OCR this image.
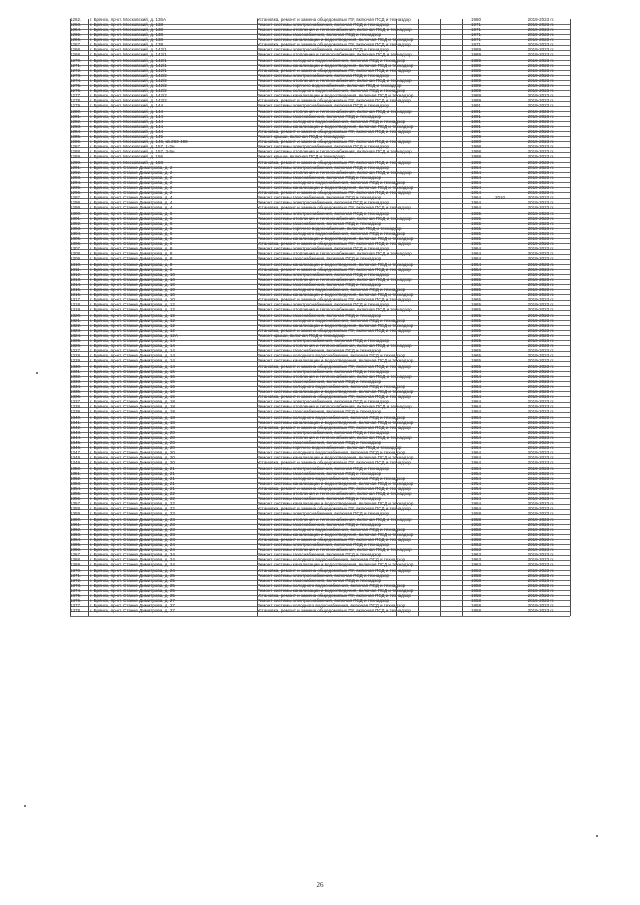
1262.	г. Брянск, пр-кт. Московский, д. 136А	Установка, ремонт и замена общедомовых ПУ, включая ПСД и техназдор	1980	2019-2023 гг.
1263.	г. Брянск, пр-кт. Московский, д. 138	Ремонт системы электроснабжения, включая ПСД и технадзор	1971	2019-2023 гг.
1264.	г. Брянск, пр-кт. Московский, д. 138	Ремонт системы отопления и теплоснабжения, включая ПСД и технадзор	1971	2019-2023 гг.
1265.	г. Брянск, пр-кт. Московский, д. 138	Ремонт системы газоснабжения, включая ПСД и технадзор	1971	2019-2023 гг.
1266.	г. Брянск, пр-кт. Московский, д. 138	Ремонт системы канализации и водоотведения, включая ПСД и технадзор	1971	2019-2023 гг.
1267.	г. Брянск, пр-кт. Московский, д. 138	Установка, ремонт и замена общедомовых ПУ, включая ПСД и технадзор	1971	2019-2023 гг.
1268.	г. Брянск, пр-кт. Московский, д. 142/1	Ремонт системы электроснабжения, включая ПСД и технадзор	1989	2019-2023 гг.
1269.	г. Брянск, пр-кт. Московский, д. 142/1	Ремонт системы отопления и теплоснабжения, включая ПСД и технадзор	1989	2019-2023 гг.
1270.	г. Брянск, пр-кт. Московский, д. 142/1	Ремонт системы холодного водоснабжения, включая ПСД и технадзор	1989	2019-2023 гг.
1271.	г. Брянск, пр-кт. Московский, д. 142/1	Ремонт системы канализации и водоотведения, включая ПСД и технадзор	1989	2019-2023 гг.
1272.	г. Брянск, пр-кт. Московский, д. 142/1	Установка, ремонт и замена общедомовых ПУ, включая ПСД и технадзор	1989	2019-2023 гг.
1273.	г. Брянск, пр-кт. Московский, д. 142/2	Ремонт системы электроснабжения, включая ПСД и технадзор	1989	2019-2023 гг.
1274.	г. Брянск, пр-кт. Московский, д. 142/2	Ремонт системы отопления и теплоснабжения, включая ПСД и технадзор	1989	2019-2023 гг.
1275.	г. Брянск, пр-кт. Московский, д. 142/2	Ремонт системы горячего водоснабжения, включая ПСД и технадзор	1989	2019-2023 гг.
1276.	г. Брянск, пр-кт. Московский, д. 142/2	Ремонт системы холодного водоснабжения, включая ПСД и технадзор	1989	2019-2023 гг.
1277.	г. Брянск, пр-кт. Московский, д. 142/2	Ремонт системы канализации и водоотведения, включая ПСД и технадзор	1989	2019-2023 гг.
1278.	г. Брянск, пр-кт. Московский, д. 142/2	Установка, ремонт и замена общедомовых ПУ, включая ПСД и технадзор	1989	2019-2023 гг.
1279.	г. Брянск, пр-кт. Московский, д. 144	Ремонт системы электроснабжения, включая ПСД и технадзор	1991	2019-2023 гг.
1280.	г. Брянск, пр-кт. Московский, д. 144	Ремонт системы отопления и теплоснабжения, включая ПСД и технадзор	1991	2019-2023 гг.
1281.	г. Брянск, пр-кт. Московский, д. 144	Ремонт системы газоснабжения, включая ПСД и технадзор	1991	2019-2023 гг.
1282.	г. Брянск, пр-кт. Московский, д. 144	Ремонт системы холодного водоснабжения, включая ПСД и технадзор	1991	2019-2023 гг.
1283.	г. Брянск, пр-кт. Московский, д. 144	Ремонт системы канализации и водоотведения, включая ПСД и технадзор	1991	2019-2023 гг.
1284.	г. Брянск, пр-кт. Московский, д. 144	Установка, ремонт и замена общедомовых ПУ, включая ПСД и технадзор	1991	2019-2023 гг.
1285.	г. Брянск, пр-кт. Московский, д. 145	Ремонт крыши, включая ПСД и технадзор	1909	2019-2023 гг.
1286.	г. Брянск, пр-кт. Московский, д. 146, кв.263-499	Установка, ремонт и замена общедомовых ПУ, включая ПСД и технадзор	1990	2019-2023 гг.
1287.	г. Брянск, пр-кт. Московский, д. 157, 1-2н	Ремонт системы электроснабжения, включая ПСД и технадзор	1998	2019-2023 гг.
1288.	г. Брянск, пр-кт. Московский, д. 157, 3-5н	Ремонт системы отопления и теплоснабжения, включая ПСД и технадзор	1998	2019-2023 гг.
1289.	г. Брянск, пр-кт. Московский, д. 156	Ремонт крыши, включая ПСД и технадзор	1998	2019-2023 гг.
1290.	г. Брянск, пр-кт. Московский, д. 158	Установка, ремонт и замена общедомовых ПУ, включая ПСД и технадзор	1998	2019-2023 гг.
1291.	г. Брянск, пр-кт. Станке Димитрова, д. 2	Ремонт системы электроснабжения, включая ПСД и технадзор	1964	2019-2023 гг.
1292.	г. Брянск, пр-кт. Станке Димитрова, д. 2	Ремонт системы отопления и теплоснабжения, включая ПСД и технадзор	1964	2019-2023 гг.
1293.	г. Брянск, пр-кт. Станке Димитрова, д. 2	Ремонт системы газоснабжения, включая ПСД и технадзор	1964	2019-2023 гг.
1294.	г. Брянск, пр-кт. Станке Димитрова, д. 2	Ремонт системы холодного водоснабжения, включая ПСД и технадзор	1964	2019-2023 гг.
1295.	г. Брянск, пр-кт. Станке Димитрова, д. 2	Ремонт системы канализации и водоотведения, включая ПСД и технадзор	1964	2019-2023 гг.
1296.	г. Брянск, пр-кт. Станке Димитрова, д. 2	Установка, ремонт и замена общедомовых ПУ, включая ПСД и технадзор	1964	2019-2023 гг.
1297.	г. Брянск, пр-кт. Станке Димитрова, д. 4	Ремонт системы газоснабжения, включая ПСД и технадзор	1964	2010	2019-2023 гг.
1298.	г. Брянск, пр-кт. Станке Димитрова, д. 4	Ремонт системы электроснабжения, включая ПСД и технадзор	1964	2019-2023 гг.
1299.	г. Брянск, пр-кт. Станке Димитрова, д. 4	Установка, ремонт и замена общедомовых ПУ, включая ПСД и технадзор	1964	2019-2023 гг.
1300.	г. Брянск, пр-кт. Станке Димитрова, д. 6	Ремонт системы электроснабжения, включая ПСД и технадзор	1965	2019-2023 гг.
1301.	г. Брянск, пр-кт. Станке Димитрова, д. 6	Ремонт системы отопления и теплоснабжения, включая ПСД и технадзор	1965	2019-2023 гг.
1302.	г. Брянск, пр-кт. Станке Димитрова, д. 6	Ремонт системы газоснабжения, включая ПСД и технадзор	1965	2019-2023 гг.
1303.	г. Брянск, пр-кт. Станке Димитрова, д. 6	Ремонт системы горячего водоснабжения, включая ПСД и технадзор	1965	2019-2023 гг.
1304.	г. Брянск, пр-кт. Станке Димитрова, д. 6	Ремонт системы холодного водоснабжения, включая ПСД и технадзор	1965	2019-2023 гг.
1305.	г. Брянск, пр-кт. Станке Димитрова, д. 6	Ремонт системы канализации и водоотведения, включая ПСД и технадзор	1965	2019-2023 гг.
1306.	г. Брянск, пр-кт. Станке Димитрова, д. 6	Установка, ремонт и замена общедомовых ПУ, включая ПСД и технадзор	1965	2019-2023 гг.
1307.	г. Брянск, пр-кт. Станке Димитрова, д. 8	Ремонт системы электроснабжения, включая ПСД и технадзор	1964	2019-2023 гг.
1308.	г. Брянск, пр-кт. Станке Димитрова, д. 8	Ремонт системы отопления и теплоснабжения, включая ПСД и технадзор	1964	2019-2023 гг.
1309.	г. Брянск, пр-кт. Станке Димитрова, д. 8	Ремонт системы газоснабжения, включая ПСД и технадзор	1964	2019-2023 гг.
1310.	г. Брянск, пр-кт. Станке Димитрова, д. 8	Ремонт системы канализации и водоотведения, включая ПСД и технадзор	1964	2019-2023 гг.
1311.	г. Брянск, пр-кт. Станке Димитрова, д. 8	Установка, ремонт и замена общедомовых ПУ, включая ПСД и технадзор	1964	2019-2023 гг.
1312.	г. Брянск, пр-кт. Станке Димитрова, д. 10	Ремонт системы электроснабжения, включая ПСД и технадзор	1965	2019-2023 гг.
1313.	г. Брянск, пр-кт. Станке Димитрова, д. 10	Ремонт системы отопления и теплоснабжения, включая ПСД и технадзор	1965	2019-2023 гг.
1314.	г. Брянск, пр-кт. Станке Димитрова, д. 10	Ремонт системы газоснабжения, включая ПСД и технадзор	1965	2019-2023 гг.
1315.	г. Брянск, пр-кт. Станке Димитрова, д. 10	Ремонт системы холодного водоснабжения, включая ПСД и технадзор	1965	2019-2023 гг.
1316.	г. Брянск, пр-кт. Станке Димитрова, д. 10	Ремонт системы канализации и водоотведения, включая ПСД и технадзор	1965	2019-2023 гг.
1317.	г. Брянск, пр-кт. Станке Димитрова, д. 10	Установка, ремонт и замена общедомовых ПУ, включая ПСД и технадзор	1965	2019-2023 гг.
1318.	г. Брянск, пр-кт. Станке Димитрова, д. 12	Ремонт системы электроснабжения, включая ПСД и технадзор	1965	2019-2023 гг.
1319.	г. Брянск, пр-кт. Станке Димитрова, д. 12	Ремонт системы отопления и теплоснабжения, включая ПСД и технадзор	1965	2019-2023 гг.
1320.	г. Брянск, пр-кт. Станке Димитрова, д. 12	Ремонт системы газоснабжения, включая ПСД и технадзор	1965	2019-2023 гг.
1321.	г. Брянск, пр-кт. Станке Димитрова, д. 12	Ремонт системы холодного водоснабжения, включая ПСД и технадзор	1965	2019-2023 гг.
1322.	г. Брянск, пр-кт. Станке Димитрова, д. 12	Ремонт системы канализации и водоотведения, включая ПСД и технадзор	1965	2019-2023 гг.
1323.	г. Брянск, пр-кт. Станке Димитрова, д. 12	Установка, ремонт и замена общедомовых ПУ, включая ПСД и технадзор	1965	2019-2023 гг.
1324.	г. Брянск, пр-кт. Станке Димитрова, д. 12А	Ремонт крыши, включая ПСД и технадзор	1997	2019-2023 гг.
1325.	г. Брянск, пр-кт. Станке Димитрова, д. 14	Ремонт системы электроснабжения, включая ПСД и технадзор	1965	2019-2023 гг.
1326.	г. Брянск, пр-кт. Станке Димитрова, д. 14	Ремонт системы отопления и теплоснабжения, включая ПСД и технадзор	1965	2019-2023 гг.
1327.	г. Брянск, пр-кт. Станке Димитрова, д. 14	Ремонт системы газоснабжения, включая ПСД и технадзор	1965	2019-2023 гг.
1328.	г. Брянск, пр-кт. Станке Димитрова, д. 14	Ремонт системы холодного водоснабжения, включая ПСД и технадзор	1965	2019-2023 гг.
1329.	г. Брянск, пр-кт. Станке Димитрова, д. 14	Ремонт системы канализации и водоотведения, включая ПСД и технадзор	1965	2019-2023 гг.
1330.	г. Брянск, пр-кт. Станке Димитрова, д. 14	Установка, ремонт и замена общедомовых ПУ, включая ПСД и технадзор	1965	2019-2023 гг.
1331.	г. Брянск, пр-кт. Станке Димитрова, д. 16	Ремонт системы электроснабжения, включая ПСД и технадзор	1964	2019-2023 гг.
1332.	г. Брянск, пр-кт. Станке Димитрова, д. 16	Ремонт системы отопления и теплоснабжения, включая ПСД и технадзор	1964	2019-2023 гг.
1333.	г. Брянск, пр-кт. Станке Димитрова, д. 16	Ремонт системы газоснабжения, включая ПСД и технадзор	1964	2019-2023 гг.
1334.	г. Брянск, пр-кт. Станке Димитрова, д. 16	Ремонт системы холодного водоснабжения, включая ПСД и технадзор	1964	2019-2023 гг.
1335.	г. Брянск, пр-кт. Станке Димитрова, д. 16	Ремонт системы канализации и водоотведения, включая ПСД и технадзор	1964	2019-2023 гг.
1336.	г. Брянск, пр-кт. Станке Димитрова, д. 16	Установка, ремонт и замена общедомовых ПУ, включая ПСД и технадзор	1964	2019-2023 гг.
1337.	г. Брянск, пр-кт. Станке Димитрова, д. 18	Ремонт системы электроснабжения, включая ПСД и технадзор	1964	2019-2023 гг.
1338.	г. Брянск, пр-кт. Станке Димитрова, д. 18	Ремонт системы отопления и теплоснабжения, включая ПСД и технадзор	1964	2019-2023 гг.
1339.	г. Брянск, пр-кт. Станке Димитрова, д. 18	Ремонт системы газоснабжения, включая ПСД и технадзор	1964	2019-2023 гг.
1340.	г. Брянск, пр-кт. Станке Димитрова, д. 18	Ремонт системы холодного водоснабжения, включая ПСД и технадзор	1964	2019-2023 гг.
1341.	г. Брянск, пр-кт. Станке Димитрова, д. 18	Ремонт системы канализации и водоотведения, включая ПСД и технадзор	1964	2019-2023 гг.
1342.	г. Брянск, пр-кт. Станке Димитрова, д. 18	Установка, ремонт и замена общедомовых ПУ, включая ПСД и технадзор	1964	2019-2023 гг.
1343.	г. Брянск, пр-кт. Станке Димитрова, д. 20	Ремонт системы электроснабжения, включая ПСД и технадзор	1964	2019-2023 гг.
1344.	г. Брянск, пр-кт. Станке Димитрова, д. 20	Ремонт системы отопления и теплоснабжения, включая ПСД и технадзор	1964	2019-2023 гг.
1345.	г. Брянск, пр-кт. Станке Димитрова, д. 20	Ремонт системы газоснабжения, включая ПСД и технадзор	1964	2019-2023 гг.
1346.	г. Брянск, пр-кт. Станке Димитрова, д. 20	Ремонт системы горячего водоснабжения, включая ПСД и технадзор	1964	2019-2023 гг.
1347.	г. Брянск, пр-кт. Станке Димитрова, д. 20	Ремонт системы холодного водоснабжения, включая ПСД и технадзор	1964	2019-2023 гг.
1348.	г. Брянск, пр-кт. Станке Димитрова, д. 20	Ремонт системы канализации и водоотведения, включая ПСД и технадзор	1964	2019-2023 гг.
1349.	г. Брянск, пр-кт. Станке Димитрова, д. 20	Установка, ремонт и замена общедомовых ПУ, включая ПСД и технадзор	1964	2019-2023 гг.
1350.	г. Брянск, пр-кт. Станке Димитрова, д. 21	Ремонт системы электроснабжения, включая ПСД и технадзор	1954	2019-2023 гг.
1351.	г. Брянск, пр-кт. Станке Димитрова, д. 21	Ремонт системы газоснабжения, включая ПСД и технадзор	1954	2019-2023 гг.
1352.	г. Брянск, пр-кт. Станке Димитрова, д. 21	Ремонт системы холодного водоснабжения, включая ПСД и технадзор	1954	2019-2023 гг.
1353.	г. Брянск, пр-кт. Станке Димитрова, д. 21	Ремонт системы канализации и водоотведения, включая ПСД и технадзор	1954	2019-2023 гг.
1354.	г. Брянск, пр-кт. Станке Димитрова, д. 21	Установка, ремонт и замена общедомовых ПУ, включая ПСД и технадзор	1954	2019-2023 гг.
1355.	г. Брянск, пр-кт. Станке Димитрова, д. 22	Ремонт системы отопления и теплоснабжения, включая ПСД и технадзор	1964	2019-2023 гг.
1356.	г. Брянск, пр-кт. Станке Димитрова, д. 22	Ремонт системы газоснабжения, включая ПСД и технадзор	1964	2019-2023 гг.
1357.	г. Брянск, пр-кт. Станке Димитрова, д. 22	Ремонт системы канализации и водоотведения, включая ПСД и технадзор	1964	2019-2023 гг.
1358.	г. Брянск, пр-кт. Станке Димитрова, д. 22	Установка, ремонт и замена общедомовых ПУ, включая ПСД и технадзор	1964	2019-2023 гг.
1359.	г. Брянск, пр-кт. Станке Димитрова, д. 23	Ремонт системы электроснабжения, включая ПСД и технадзор	1958	2019-2023 гг.
1360.	г. Брянск, пр-кт. Станке Димитрова, д. 23	Ремонт системы отопления и теплоснабжения, включая ПСД и технадзор	1958	2019-2023 гг.
1361.	г. Брянск, пр-кт. Станке Димитрова, д. 23	Ремонт системы газоснабжения, включая ПСД и технадзор	1958	2019-2023 гг.
1362.	г. Брянск, пр-кт. Станке Димитрова, д. 23	Ремонт системы холодного водоснабжения, включая ПСД и технадзор	1958	2019-2023 гг.
1363.	г. Брянск, пр-кт. Станке Димитрова, д. 23	Ремонт системы канализации и водоотведения, включая ПСД и технадзор	1958	2019-2023 гг.
1364.	г. Брянск, пр-кт. Станке Димитрова, д. 23	Установка, ремонт и замена общедомовых ПУ, включая ПСД и технадзор	1958	2019-2023 гг.
1365.	г. Брянск, пр-кт. Станке Димитрова, д. 24	Ремонт системы электроснабжения, включая ПСД и технадзор	1963	2019-2023 гг.
1366.	г. Брянск, пр-кт. Станке Димитрова, д. 24	Ремонт системы отопления и теплоснабжения, включая ПСД и технадзор	1963	2019-2023 гг.
1367.	г. Брянск, пр-кт. Станке Димитрова, д. 24	Ремонт системы газоснабжения, включая ПСД и технадзор	1963	2019-2023 гг.
1368.	г. Брянск, пр-кт. Станке Димитрова, д. 24	Ремонт системы холодного водоснабжения, включая ПСД и технадзор	1963	2019-2023 гг.
1369.	г. Брянск, пр-кт. Станке Димитрова, д. 24	Ремонт системы канализации и водоотведения, включая ПСД и технадзор	1963	2019-2023 гг.
1370.	г. Брянск, пр-кт. Станке Димитрова, д. 24	Установка, ремонт и замена общедомовых ПУ, включая ПСД и технадзор	1963	2019-2023 гг.
1371.	г. Брянск, пр-кт. Станке Димитрова, д. 25	Ремонт системы электроснабжения, включая ПСД и технадзор	1958	2019-2023 гг.
1372.	г. Брянск, пр-кт. Станке Димитрова, д. 25	Ремонт системы газоснабжения, включая ПСД и технадзор	1958	2019-2023 гг.
1373.	г. Брянск, пр-кт. Станке Димитрова, д. 25	Ремонт системы холодного водоснабжения, включая ПСД и технадзор	1958	2019-2023 гг.
1374.	г. Брянск, пр-кт. Станке Димитрова, д. 25	Ремонт системы канализации и водоотведения, включая ПСД и технадзор	1958	2019-2023 гг.
1375.	г. Брянск, пр-кт. Станке Димитрова, д. 25	Установка, ремонт и замена общедомовых ПУ, включая ПСД и технадзор	1958	2019-2023 гг.
1376.	г. Брянск, пр-кт. Станке Димитрова, д. 27	Ремонт системы электроснабжения, включая ПСД и технадзор	1958	2019-2023 гг.
1377.	г. Брянск, пр-кт. Станке Димитрова, д. 27	Ремонт системы холодного водоснабжения, включая ПСД и технадзор	1958	2019-2023 гг.
1378.	г. Брянск, пр-кт. Станке Димитрова, д. 27	Установка, ремонт и замена общедомовых ПУ, включая ПСД и технадзор	1958	2019-2023 гг.
26
